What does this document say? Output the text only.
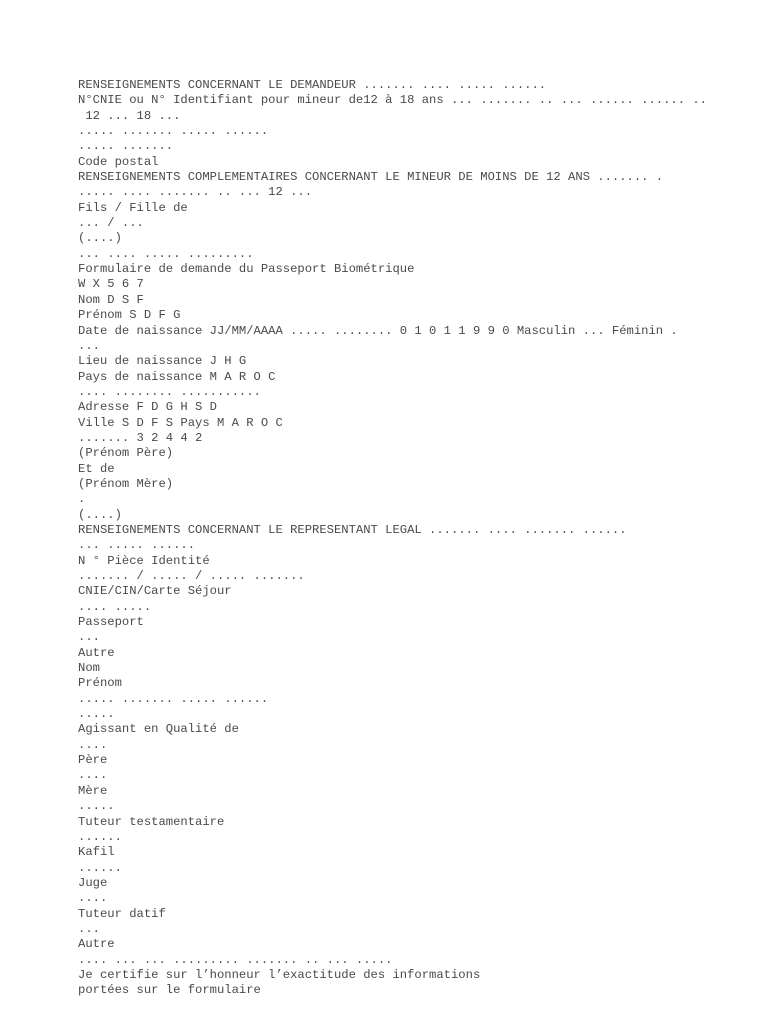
RENSEIGNEMENTS CONCERNANT LE DEMANDEUR ....... .... ..... ......
N°CNIE ou N° Identifiant pour mineur de12 à 18 ans ... ....... .. ... ...... ...... ..
12 ... 18 ...
..... ....... ..... ......
..... .......
Code postal
RENSEIGNEMENTS COMPLEMENTAIRES CONCERNANT LE MINEUR DE MOINS DE 12 ANS ....... .
..... .... ....... .. ... 12 ...
Fils / Fille de
... / ...
(....)
... .... ..... .........
Formulaire de demande du Passeport Biométrique
W X 5 6 7
Nom D S F
Prénom S D F G
Date de naissance JJ/MM/AAAA ..... ........ 0 1 0 1 1 9 9 0 Masculin ... Féminin .
...
Lieu de naissance J H G
Pays de naissance M A R O C
.... ........ ...........
Adresse F D G H S D
Ville S D F S Pays M A R O C
....... 3 2 4 4 2
(Prénom Père)
Et de
(Prénom Mère)
.
(....)
RENSEIGNEMENTS CONCERNANT LE REPRESENTANT LEGAL ....... .... ....... ......
... ..... ......
N ° Pièce Identité
....... / ..... / ..... .......
CNIE/CIN/Carte Séjour
.... .....
Passeport
...
Autre
Nom
Prénom
..... ....... ..... ......
.....
Agissant en Qualité de
....
Père
....
Mère
.....
Tuteur testamentaire
......
Kafil
......
Juge
....
Tuteur datif
...
Autre
.... ... ... ......... ....... .. ... .....
Je certifie sur l’honneur l’exactitude des informations
portées sur le formulaire
